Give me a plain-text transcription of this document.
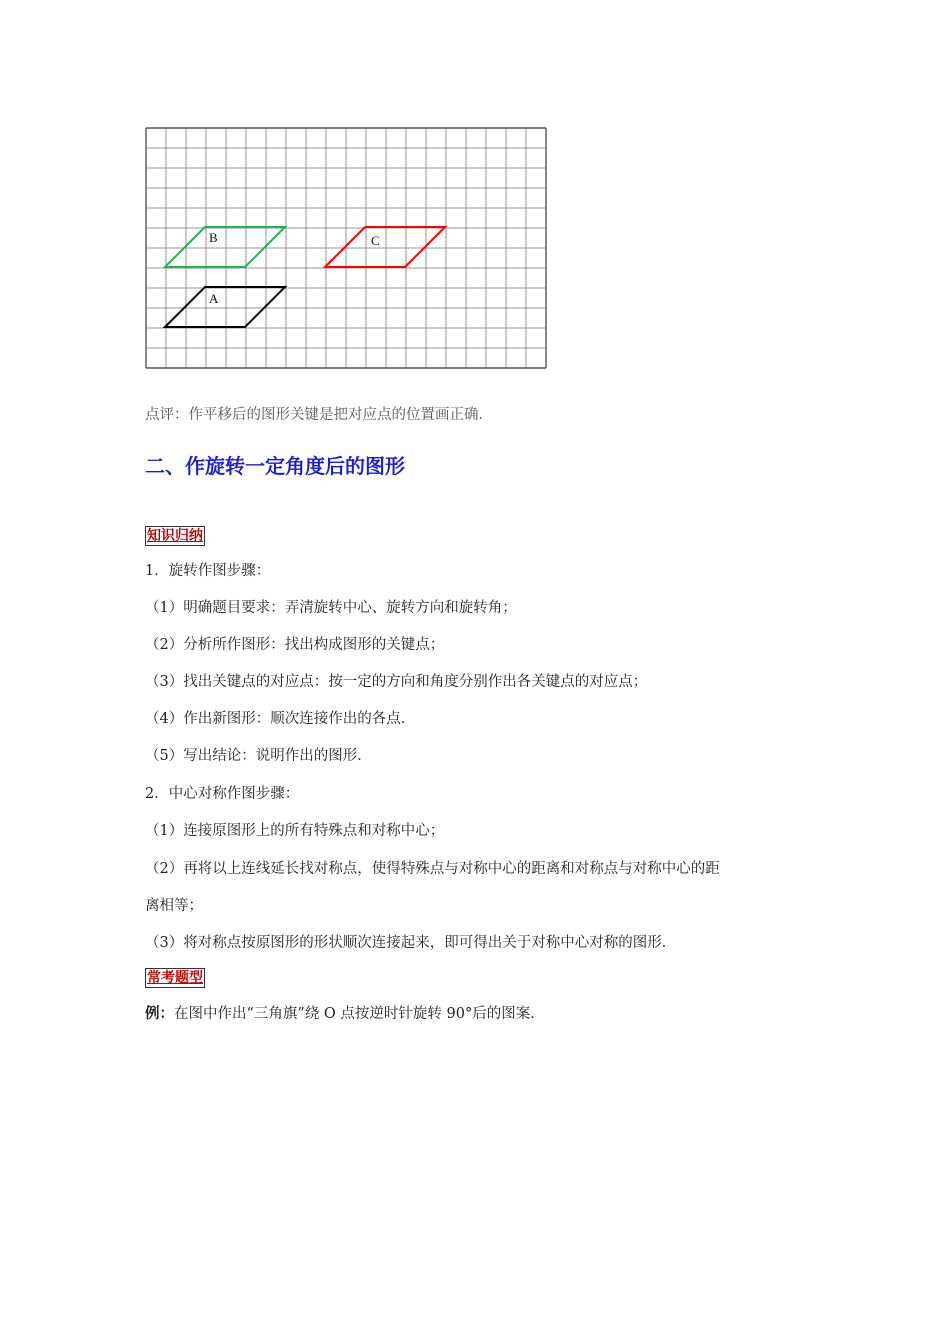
B	C
A
点评：作平移后的图形关键是把对应点的位置画正确．
二、作旋转一定角度后的图形
知识归纳
1．旋转作图步骤：
（1）明确题目要求：弄清旋转中心、旋转方向和旋转角；
（2）分析所作图形：找出构成图形的关键点；
（3）找出关键点的对应点：按一定的方向和角度分别作出各关键点的对应点；
（4）作出新图形：顺次连接作出的各点．
（5）写出结论：说明作出的图形．
2．中心对称作图步骤：
（1）连接原图形上的所有特殊点和对称中心；
（2）再将以上连线延长找对称点，使得特殊点与对称中心的距离和对称点与对称中心的距
离相等；
（3）将对称点按原图形的形状顺次连接起来，即可得出关于对称中心对称的图形．
常考题型
例：在图中作出“三角旗”绕 O 点按逆时针旋转 90°后的图案．
